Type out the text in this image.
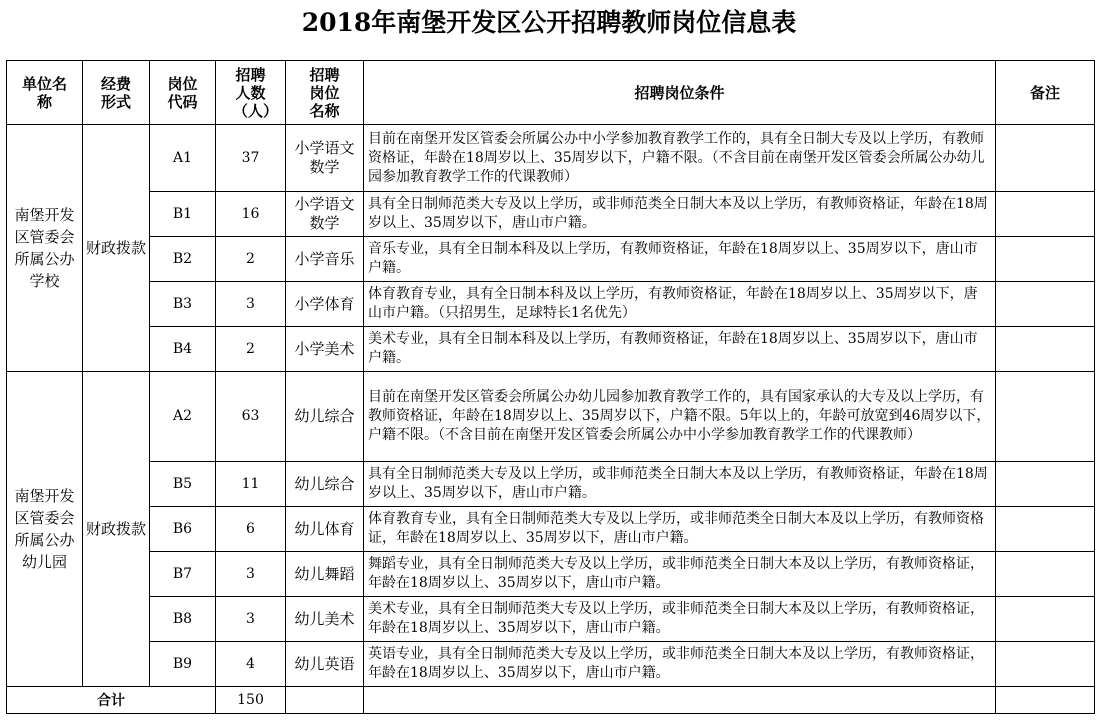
2018年南堡开发区公开招聘教师岗位信息表
单位名称	经费形式	岗位代码	招聘人数（人）	招聘岗位名称	招聘岗位条件	备注
南堡开发区管委会所属公办学校	财政拨款	A1	37	小学语文数学	目前在南堡开发区管委会所属公办中小学参加教育教学工作的，具有全日制大专及以上学历，有教师资格证，年龄在18周岁以上、35周岁以下，户籍不限。（不含目前在南堡开发区管委会所属公办幼儿园参加教育教学工作的代课教师）	
		B1	16	小学语文数学	具有全日制师范类大专及以上学历，或非师范类全日制大本及以上学历，有教师资格证，年龄在18周岁以上、35周岁以下，唐山市户籍。	
		B2	2	小学音乐	音乐专业，具有全日制本科及以上学历，有教师资格证，年龄在18周岁以上、35周岁以下，唐山市户籍。	
		B3	3	小学体育	体育教育专业，具有全日制本科及以上学历，有教师资格证，年龄在18周岁以上、35周岁以下，唐山市户籍。（只招男生，足球特长1名优先）	
		B4	2	小学美术	美术专业，具有全日制本科及以上学历，有教师资格证，年龄在18周岁以上、35周岁以下，唐山市户籍。	
南堡开发区管委会所属公办幼儿园	财政拨款	A2	63	幼儿综合	目前在南堡开发区管委会所属公办幼儿园参加教育教学工作的，具有国家承认的大专及以上学历，有教师资格证，年龄在18周岁以上、35周岁以下，户籍不限。5年以上的，年龄可放宽到46周岁以下，户籍不限。（不含目前在南堡开发区管委会所属公办中小学参加教育教学工作的代课教师）	
		B5	11	幼儿综合	具有全日制师范类大专及以上学历，或非师范类全日制大本及以上学历，有教师资格证，年龄在18周岁以上、35周岁以下，唐山市户籍。	
		B6	6	幼儿体育	体育教育专业，具有全日制师范类大专及以上学历，或非师范类全日制大本及以上学历，有教师资格证，年龄在18周岁以上、35周岁以下，唐山市户籍。	
		B7	3	幼儿舞蹈	舞蹈专业，具有全日制师范类大专及以上学历，或非师范类全日制大本及以上学历，有教师资格证，年龄在18周岁以上、35周岁以下，唐山市户籍。	
		B8	3	幼儿美术	美术专业，具有全日制师范类大专及以上学历，或非师范类全日制大本及以上学历，有教师资格证，年龄在18周岁以上、35周岁以下，唐山市户籍。	
		B9	4	幼儿英语	英语专业，具有全日制师范类大专及以上学历，或非师范类全日制大本及以上学历，有教师资格证，年龄在18周岁以上、35周岁以下，唐山市户籍。	
合计			150			
